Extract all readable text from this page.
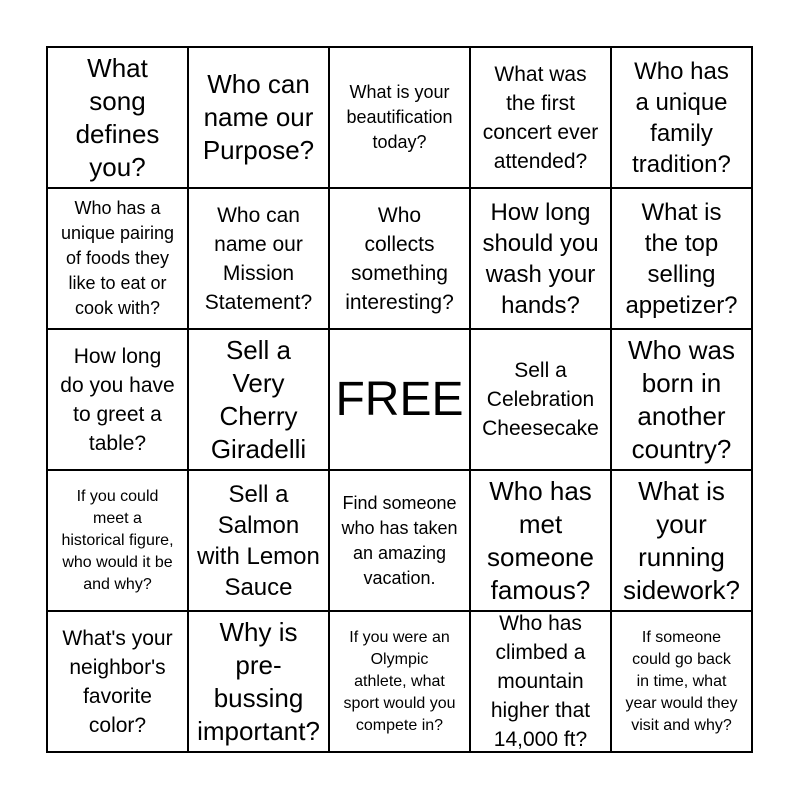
What
song
defines
you?
Who can
name our
Purpose?
What is your
beautification
today?
What was
the first
concert ever
attended?
Who has
a unique
family
tradition?
Who has a
unique pairing
of foods they
like to eat or
cook with?
Who can
name our
Mission
Statement?
Who
collects
something
interesting?
How long
should you
wash your
hands?
What is
the top
selling
appetizer?
How long
do you have
to greet a
table?
Sell a
Very
Cherry
Giradelli
FREE
Sell a
Celebration
Cheesecake
Who was
born in
another
country?
If you could
meet a
historical figure,
who would it be
and why?
Sell a
Salmon
with Lemon
Sauce
Find someone
who has taken
an amazing
vacation.
Who has
met
someone
famous?
What is
your
running
sidework?
What's your
neighbor's
favorite
color?
Why is
pre-
bussing
important?
If you were an
Olympic
athlete, what
sport would you
compete in?
Who has
climbed a
mountain
higher that
14,000 ft?
If someone
could go back
in time, what
year would they
visit and why?
